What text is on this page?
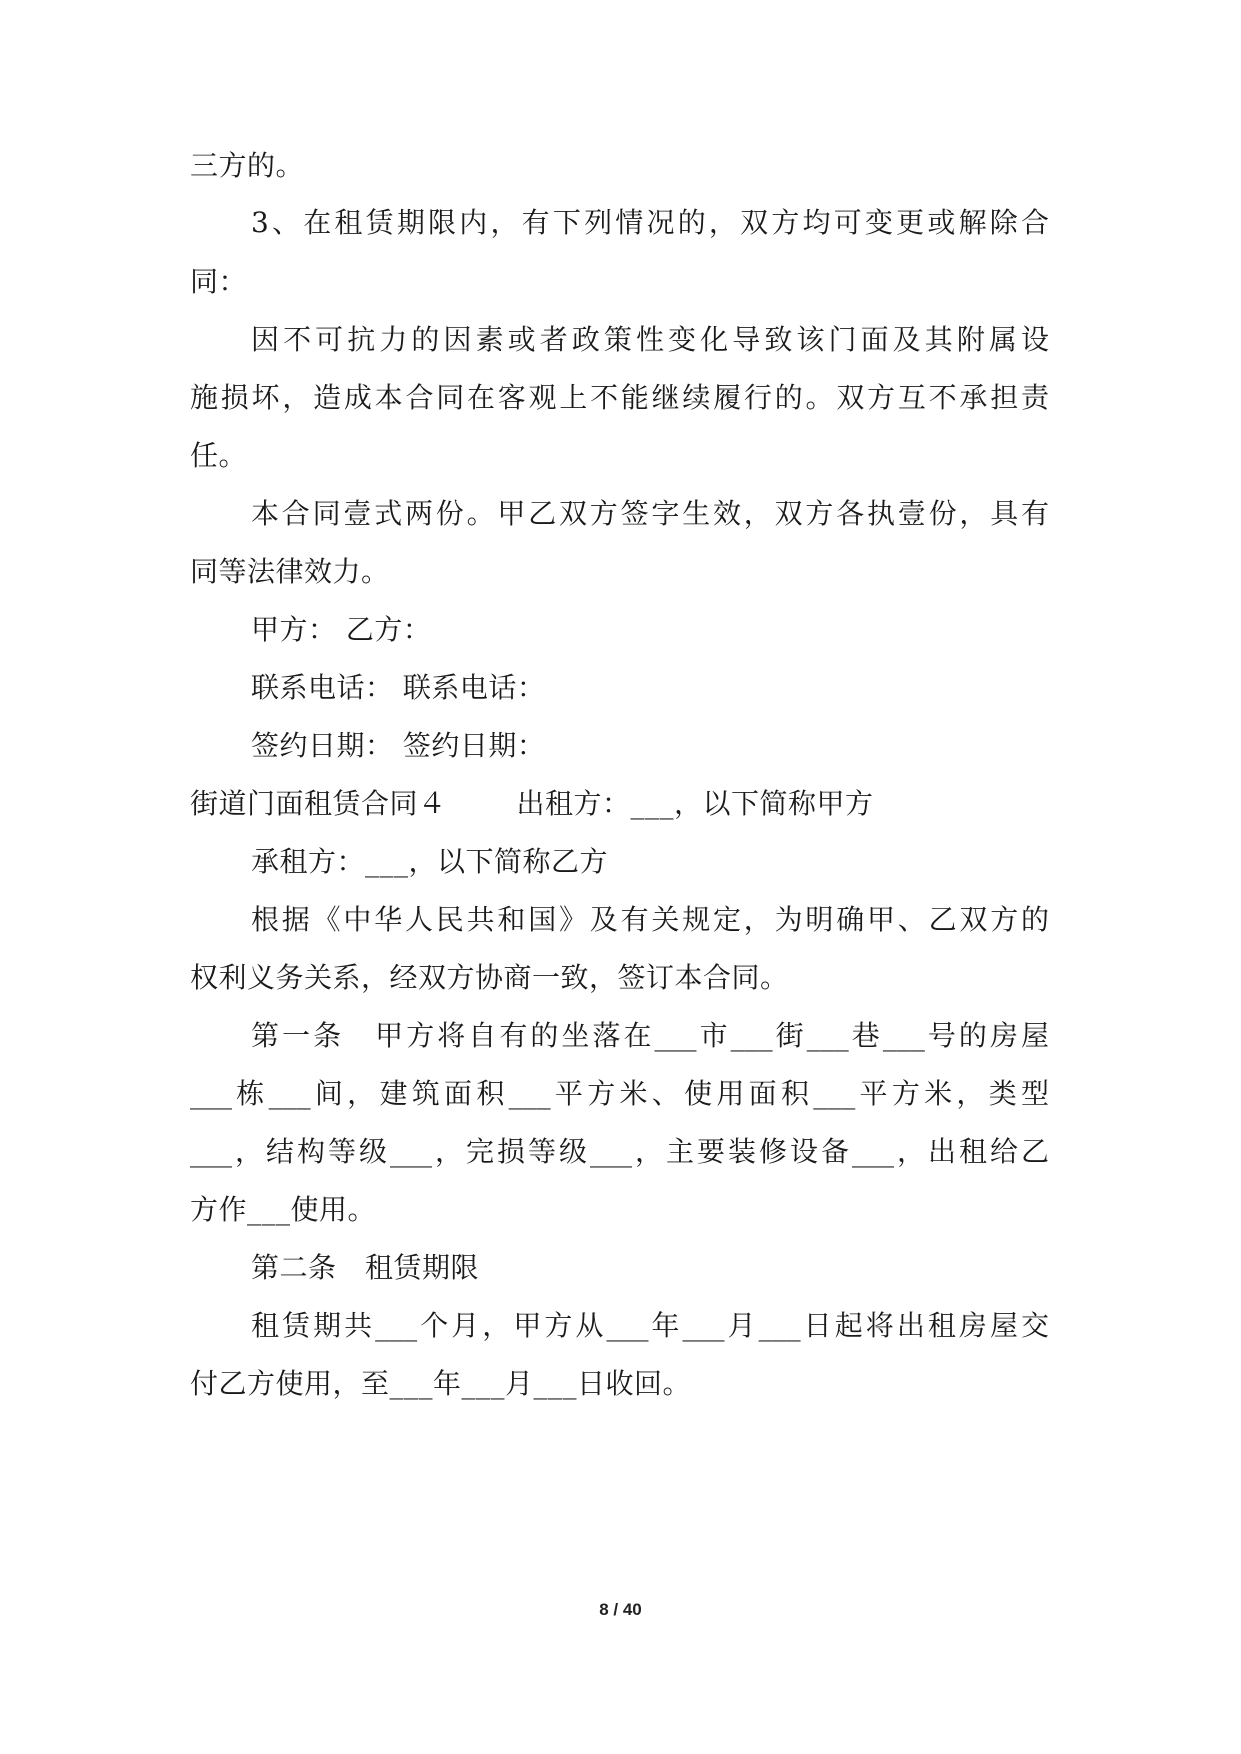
三方的。
3、在租赁期限内，有下列情况的，双方均可变更或解除合
同：
因不可抗力的因素或者政策性变化导致该门面及其附属设
施损坏，造成本合同在客观上不能继续履行的。双方互不承担责
任。
本合同壹式两份。甲乙双方签字生效，双方各执壹份，具有
同等法律效力。
甲方： 乙方：
联系电话： 联系电话：
签约日期： 签约日期：
街道门面租赁合同４	出租方：___，以下简称甲方
承租方：___，以下简称乙方
根据《中华人民共和国》及有关规定，为明确甲、乙双方的
权利义务关系，经双方协商一致，签订本合同。
第一条　甲方将自有的坐落在___市___街___巷___号的房屋
___栋___间，建筑面积___平方米、使用面积___平方米，类型
___，结构等级___，完损等级___，主要装修设备___，出租给乙
方作___使用。
第二条　租赁期限
租赁期共___个月，甲方从___年___月___日起将出租房屋交
付乙方使用，至___年___月___日收回。
8 / 40
